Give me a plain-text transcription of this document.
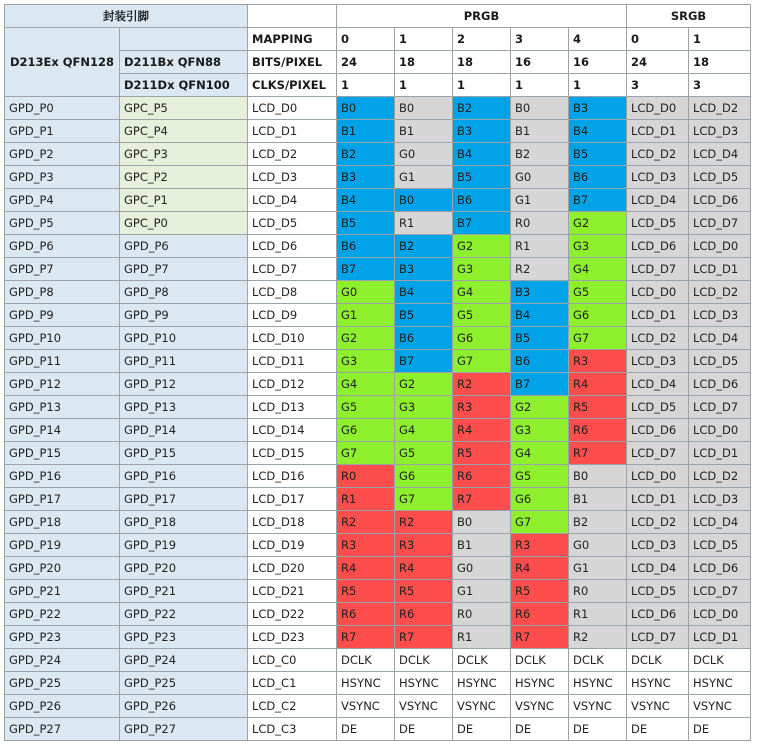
封装引脚			PRGB					SRGB	
D213Ex QFN128		MAPPING	0	1	2	3	4	0	1
	D211Bx QFN88	BITS/PIXEL	24	18	18	16	16	24	18
	D211Dx QFN100	CLKS/PIXEL	1	1	1	1	1	3	3
GPD_P0	GPC_P5	LCD_D0	B0	B0	B2	B0	B3	LCD_D0	LCD_D2
GPD_P1	GPC_P4	LCD_D1	B1	B1	B3	B1	B4	LCD_D1	LCD_D3
GPD_P2	GPC_P3	LCD_D2	B2	G0	B4	B2	B5	LCD_D2	LCD_D4
GPD_P3	GPC_P2	LCD_D3	B3	G1	B5	G0	B6	LCD_D3	LCD_D5
GPD_P4	GPC_P1	LCD_D4	B4	B0	B6	G1	B7	LCD_D4	LCD_D6
GPD_P5	GPC_P0	LCD_D5	B5	R1	B7	R0	G2	LCD_D5	LCD_D7
GPD_P6	GPD_P6	LCD_D6	B6	B2	G2	R1	G3	LCD_D6	LCD_D0
GPD_P7	GPD_P7	LCD_D7	B7	B3	G3	R2	G4	LCD_D7	LCD_D1
GPD_P8	GPD_P8	LCD_D8	G0	B4	G4	B3	G5	LCD_D0	LCD_D2
GPD_P9	GPD_P9	LCD_D9	G1	B5	G5	B4	G6	LCD_D1	LCD_D3
GPD_P10	GPD_P10	LCD_D10	G2	B6	G6	B5	G7	LCD_D2	LCD_D4
GPD_P11	GPD_P11	LCD_D11	G3	B7	G7	B6	R3	LCD_D3	LCD_D5
GPD_P12	GPD_P12	LCD_D12	G4	G2	R2	B7	R4	LCD_D4	LCD_D6
GPD_P13	GPD_P13	LCD_D13	G5	G3	R3	G2	R5	LCD_D5	LCD_D7
GPD_P14	GPD_P14	LCD_D14	G6	G4	R4	G3	R6	LCD_D6	LCD_D0
GPD_P15	GPD_P15	LCD_D15	G7	G5	R5	G4	R7	LCD_D7	LCD_D1
GPD_P16	GPD_P16	LCD_D16	R0	G6	R6	G5	B0	LCD_D0	LCD_D2
GPD_P17	GPD_P17	LCD_D17	R1	G7	R7	G6	B1	LCD_D1	LCD_D3
GPD_P18	GPD_P18	LCD_D18	R2	R2	B0	G7	B2	LCD_D2	LCD_D4
GPD_P19	GPD_P19	LCD_D19	R3	R3	B1	R3	G0	LCD_D3	LCD_D5
GPD_P20	GPD_P20	LCD_D20	R4	R4	G0	R4	G1	LCD_D4	LCD_D6
GPD_P21	GPD_P21	LCD_D21	R5	R5	G1	R5	R0	LCD_D5	LCD_D7
GPD_P22	GPD_P22	LCD_D22	R6	R6	R0	R6	R1	LCD_D6	LCD_D0
GPD_P23	GPD_P23	LCD_D23	R7	R7	R1	R7	R2	LCD_D7	LCD_D1
GPD_P24	GPD_P24	LCD_C0	DCLK	DCLK	DCLK	DCLK	DCLK	DCLK	DCLK
GPD_P25	GPD_P25	LCD_C1	HSYNC	HSYNC	HSYNC	HSYNC	HSYNC	HSYNC	HSYNC
GPD_P26	GPD_P26	LCD_C2	VSYNC	VSYNC	VSYNC	VSYNC	VSYNC	VSYNC	VSYNC
GPD_P27	GPD_P27	LCD_C3	DE	DE	DE	DE	DE	DE	DE
